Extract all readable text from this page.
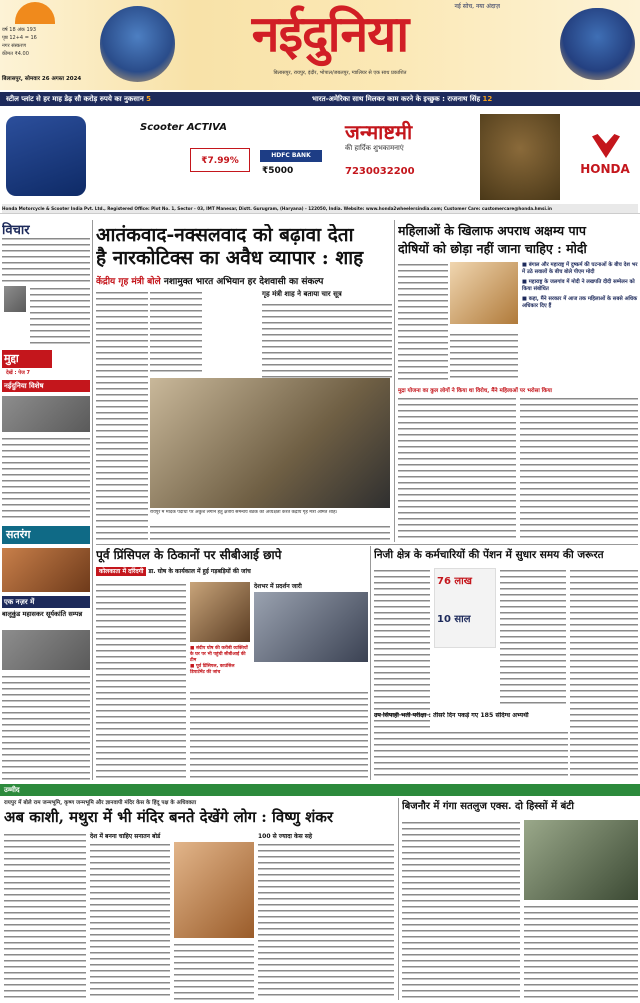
वर्ष 18 अंक 193
पृष्ठ 12+4 = 16
नगर संस्करण
कीमत ₹4.00	नईदुनिया	नई सोच, नया अंदाज़
बिलासपुर, रायपुर, इंदौर, भोपाल/जबलपुर, ग्वालियर से एक साथ प्रकाशित
बिलासपुर, सोमवार 26 अगस्त 2024
स्टील प्लांट से हर माह डेढ़ सौ करोड़ रुपये का नुकसान 5	भारत-अमेरिका साथ मिलकर काम करने के इच्छुक : राजनाथ सिंह 12
Scooter ACTIVA
₹7.99%
HDFC BANK
₹5000
जन्माष्टमी
की हार्दिक शुभकामनाएं
7230032200	HONDA
Honda Motorcycle & Scooter India Pvt. Ltd., Registered Office: Plot No. 1, Sector - 03, IMT Manesar, Distt. Gurugram, (Haryana) - 122050, India. Website: www.honda2wheelersindia.com; Customer Care: customercare@honda.hmsi.in
विचार
मुद्दा
देखें : पेज 7
नईदुनिया विशेष
सतरंग
एक नज़र में
बालूकुंड महासकर सूर्यकांति सम्पन्न
आतंकवाद-नक्सलवाद को बढ़ावा देता
है नारकोटिक्स का अवैध व्यापार : शाह
केंद्रीय गृह मंत्री बोले नशामुक्त भारत अभियान हर देशवासी का संकल्प
गृह मंत्री शाह ने बताया चार सूत्र
रायपुर में मादक पदार्थों पर अंकुश लगाने हेतु क्षेत्रीय समन्वय बैठक की अध्यक्षता करते केंद्रीय गृह मंत्री अमित शाह।
महिलाओं के खिलाफ अपराध अक्षम्य पाप
दोषियों को छोड़ा नहीं जाना चाहिए : मोदी
■ बंगाल और महाराष्ट्र में दुष्कर्म की घटनाओं के बीच देश भर में उठे सवालों के बीच बोले पीएम मोदी
■ महाराष्ट्र के जलगांव में मोदी ने लखपति दीदी सम्मेलन को किया संबोधित
■ कहा, मैंने सरकार में आज तक महिलाओं के सबसे अधिक अधिकार दिए हैं
मुद्रा योजना का कुल लोगों ने किया था विरोध, मैंने महिलाओं पर भरोसा किया
पूर्व प्रिंसिपल के ठिकानों पर सीबीआई छापे
कोलकाता में दरिंदगी डा. घोष के कार्यकाल में हुई गड़बड़ियों की जांच
■ संदीप घोष की करीबी व्यक्तियों के घर पर भी पहुंची सीबीआई की टीम
■ पूर्व प्रिंसिपल, काउंसिल डिपार्टमेंट की जांच
देशभर में प्रदर्शन जारी
निजी क्षेत्र के कर्मचारियों की पेंशन में सुधार समय की जरूरत
76 लाख
10 साल
उप सिपाही भर्ती परीक्षा : तीसरे दिन पकड़े गए 185 संदिग्ध अभ्यर्थी
उम्मीद
रायपुर में बोले राम जन्मभूमि, कृष्ण जन्मभूमि और ज्ञानवापी मंदिर केस के हिंदू पक्ष के अधिवक्ता
अब काशी, मथुरा में भी मंदिर बनते देखेंगे लोग : विष्णु शंकर
देश में बनना चाहिए सनातन बोर्ड	100 से ज्यादा केस सहे
बिजनौर में गंगा सतलुज एक्स. दो हिस्सों में बंटी
